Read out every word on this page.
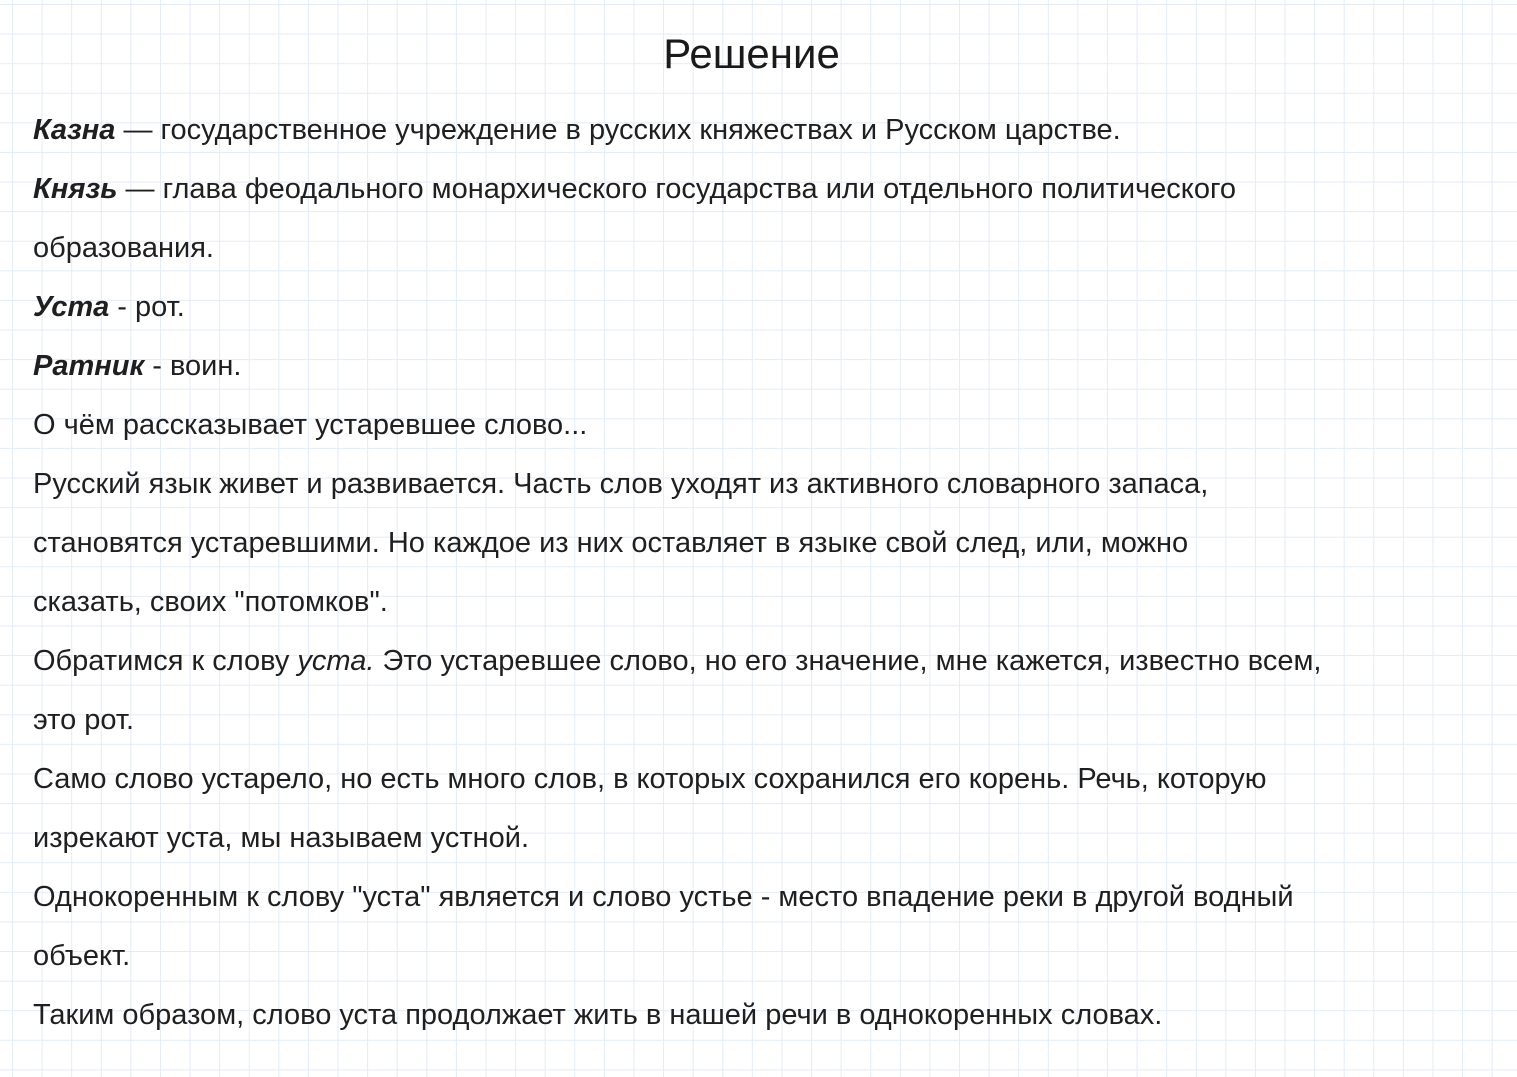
Решение
Казна — государственное учреждение в русских княжествах и Русском царстве.
Князь — глава феодального монархического государства или отдельного политического
образования.
Уста - рот.
Ратник - воин.
О чём рассказывает устаревшее слово...
Русский язык живет и развивается. Часть слов уходят из активного словарного запаса,
становятся устаревшими. Но каждое из них оставляет в языке свой след, или, можно
сказать, своих "потомков".
Обратимся к слову уста. Это устаревшее слово, но его значение, мне кажется, известно всем,
это рот.
Само слово устарело, но есть много слов, в которых сохранился его корень. Речь, которую
изрекают уста, мы называем устной.
Однокоренным к слову "уста" является и слово устье - место впадение реки в другой водный
объект.
Таким образом, слово уста продолжает жить в нашей речи в однокоренных словах.
